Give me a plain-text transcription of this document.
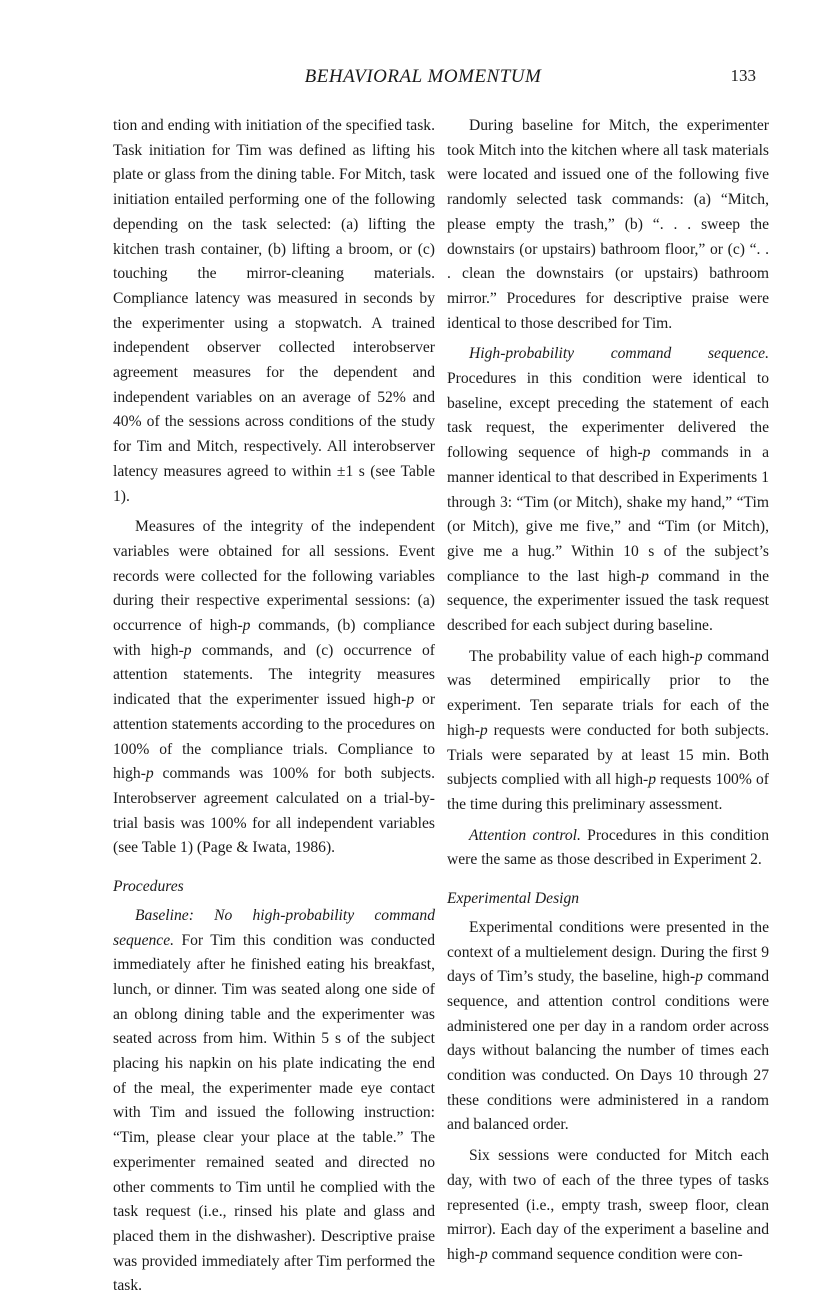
BEHAVIORAL MOMENTUM	133

tion and ending with initiation of the specified task. Task initiation for Tim was defined as lifting his plate or glass from the dining table. For Mitch, task initiation entailed performing one of the following depending on the task selected: (a) lifting the kitchen trash container, (b) lifting a broom, or (c) touching the mirror-cleaning materials. Compliance latency was measured in seconds by the experimenter using a stopwatch. A trained independent observer collected interobserver agreement measures for the dependent and independent variables on an average of 52% and 40% of the sessions across conditions of the study for Tim and Mitch, respectively. All interobserver latency measures agreed to within ±1 s (see Table 1).

Measures of the integrity of the independent variables were obtained for all sessions. Event records were collected for the following variables during their respective experimental sessions: (a) occurrence of high-p commands, (b) compliance with high-p commands, and (c) occurrence of attention statements. The integrity measures indicated that the experimenter issued high-p or attention statements according to the procedures on 100% of the compliance trials. Compliance to high-p commands was 100% for both subjects. Interobserver agreement calculated on a trial-by-trial basis was 100% for all independent variables (see Table 1) (Page & Iwata, 1986).

Procedures

Baseline: No high-probability command sequence. For Tim this condition was conducted immediately after he finished eating his breakfast, lunch, or dinner. Tim was seated along one side of an oblong dining table and the experimenter was seated across from him. Within 5 s of the subject placing his napkin on his plate indicating the end of the meal, the experimenter made eye contact with Tim and issued the following instruction: “Tim, please clear your place at the table.” The experimenter remained seated and directed no other comments to Tim until he complied with the task request (i.e., rinsed his plate and glass and placed them in the dishwasher). Descriptive praise was provided immediately after Tim performed the task.

During baseline for Mitch, the experimenter took Mitch into the kitchen where all task materials were located and issued one of the following five randomly selected task commands: (a) “Mitch, please empty the trash,” (b) “. . . sweep the downstairs (or upstairs) bathroom floor,” or (c) “. . . clean the downstairs (or upstairs) bathroom mirror.” Procedures for descriptive praise were identical to those described for Tim.

High-probability command sequence. Procedures in this condition were identical to baseline, except preceding the statement of each task request, the experimenter delivered the following sequence of high-p commands in a manner identical to that described in Experiments 1 through 3: “Tim (or Mitch), shake my hand,” “Tim (or Mitch), give me five,” and “Tim (or Mitch), give me a hug.” Within 10 s of the subject’s compliance to the last high-p command in the sequence, the experimenter issued the task request described for each subject during baseline.

The probability value of each high-p command was determined empirically prior to the experiment. Ten separate trials for each of the high-p requests were conducted for both subjects. Trials were separated by at least 15 min. Both subjects complied with all high-p requests 100% of the time during this preliminary assessment.

Attention control. Procedures in this condition were the same as those described in Experiment 2.

Experimental Design

Experimental conditions were presented in the context of a multielement design. During the first 9 days of Tim’s study, the baseline, high-p command sequence, and attention control conditions were administered one per day in a random order across days without balancing the number of times each condition was conducted. On Days 10 through 27 these conditions were administered in a random and balanced order.

Six sessions were conducted for Mitch each day, with two of each of the three types of tasks represented (i.e., empty trash, sweep floor, clean mirror). Each day of the experiment a baseline and high-p command sequence condition were con-
